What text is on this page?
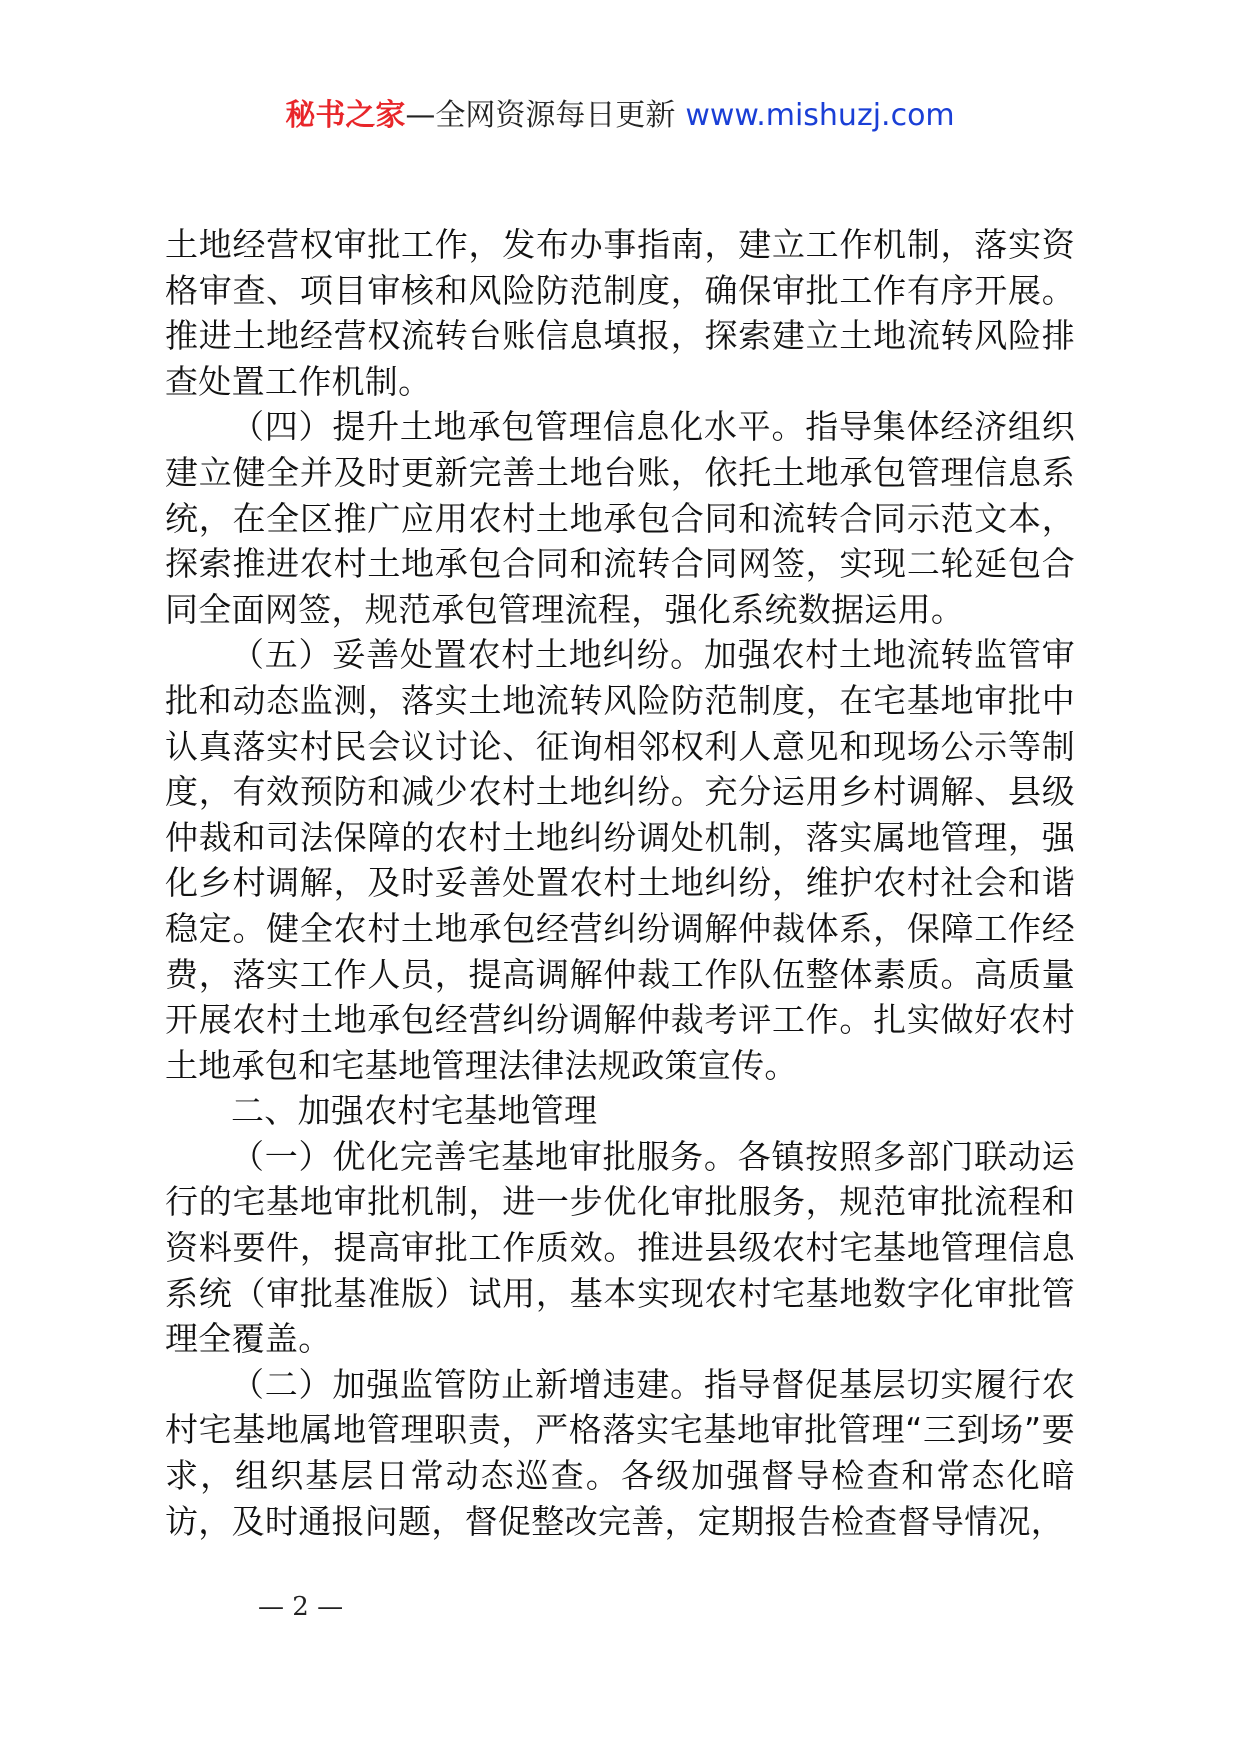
秘书之家—全网资源每日更新 www.mishuzj.com

土地经营权审批工作，发布办事指南，建立工作机制，落实资格审查、项目审核和风险防范制度，确保审批工作有序开展。推进土地经营权流转台账信息填报，探索建立土地流转风险排查处置工作机制。

（四）提升土地承包管理信息化水平。指导集体经济组织建立健全并及时更新完善土地台账，依托土地承包管理信息系统，在全区推广应用农村土地承包合同和流转合同示范文本，探索推进农村土地承包合同和流转合同网签，实现二轮延包合同全面网签，规范承包管理流程，强化系统数据运用。

（五）妥善处置农村土地纠纷。加强农村土地流转监管审批和动态监测，落实土地流转风险防范制度，在宅基地审批中认真落实村民会议讨论、征询相邻权利人意见和现场公示等制度，有效预防和减少农村土地纠纷。充分运用乡村调解、县级仲裁和司法保障的农村土地纠纷调处机制，落实属地管理，强化乡村调解，及时妥善处置农村土地纠纷，维护农村社会和谐稳定。健全农村土地承包经营纠纷调解仲裁体系，保障工作经费，落实工作人员，提高调解仲裁工作队伍整体素质。高质量开展农村土地承包经营纠纷调解仲裁考评工作。扎实做好农村土地承包和宅基地管理法律法规政策宣传。

二、加强农村宅基地管理

（一）优化完善宅基地审批服务。各镇按照多部门联动运行的宅基地审批机制，进一步优化审批服务，规范审批流程和资料要件，提高审批工作质效。推进县级农村宅基地管理信息系统（审批基准版）试用，基本实现农村宅基地数字化审批管理全覆盖。

（二）加强监管防止新增违建。指导督促基层切实履行农村宅基地属地管理职责，严格落实宅基地审批管理“三到场”要求，组织基层日常动态巡查。各级加强督导检查和常态化暗访，及时通报问题，督促整改完善，定期报告检查督导情况，

— 2 —
